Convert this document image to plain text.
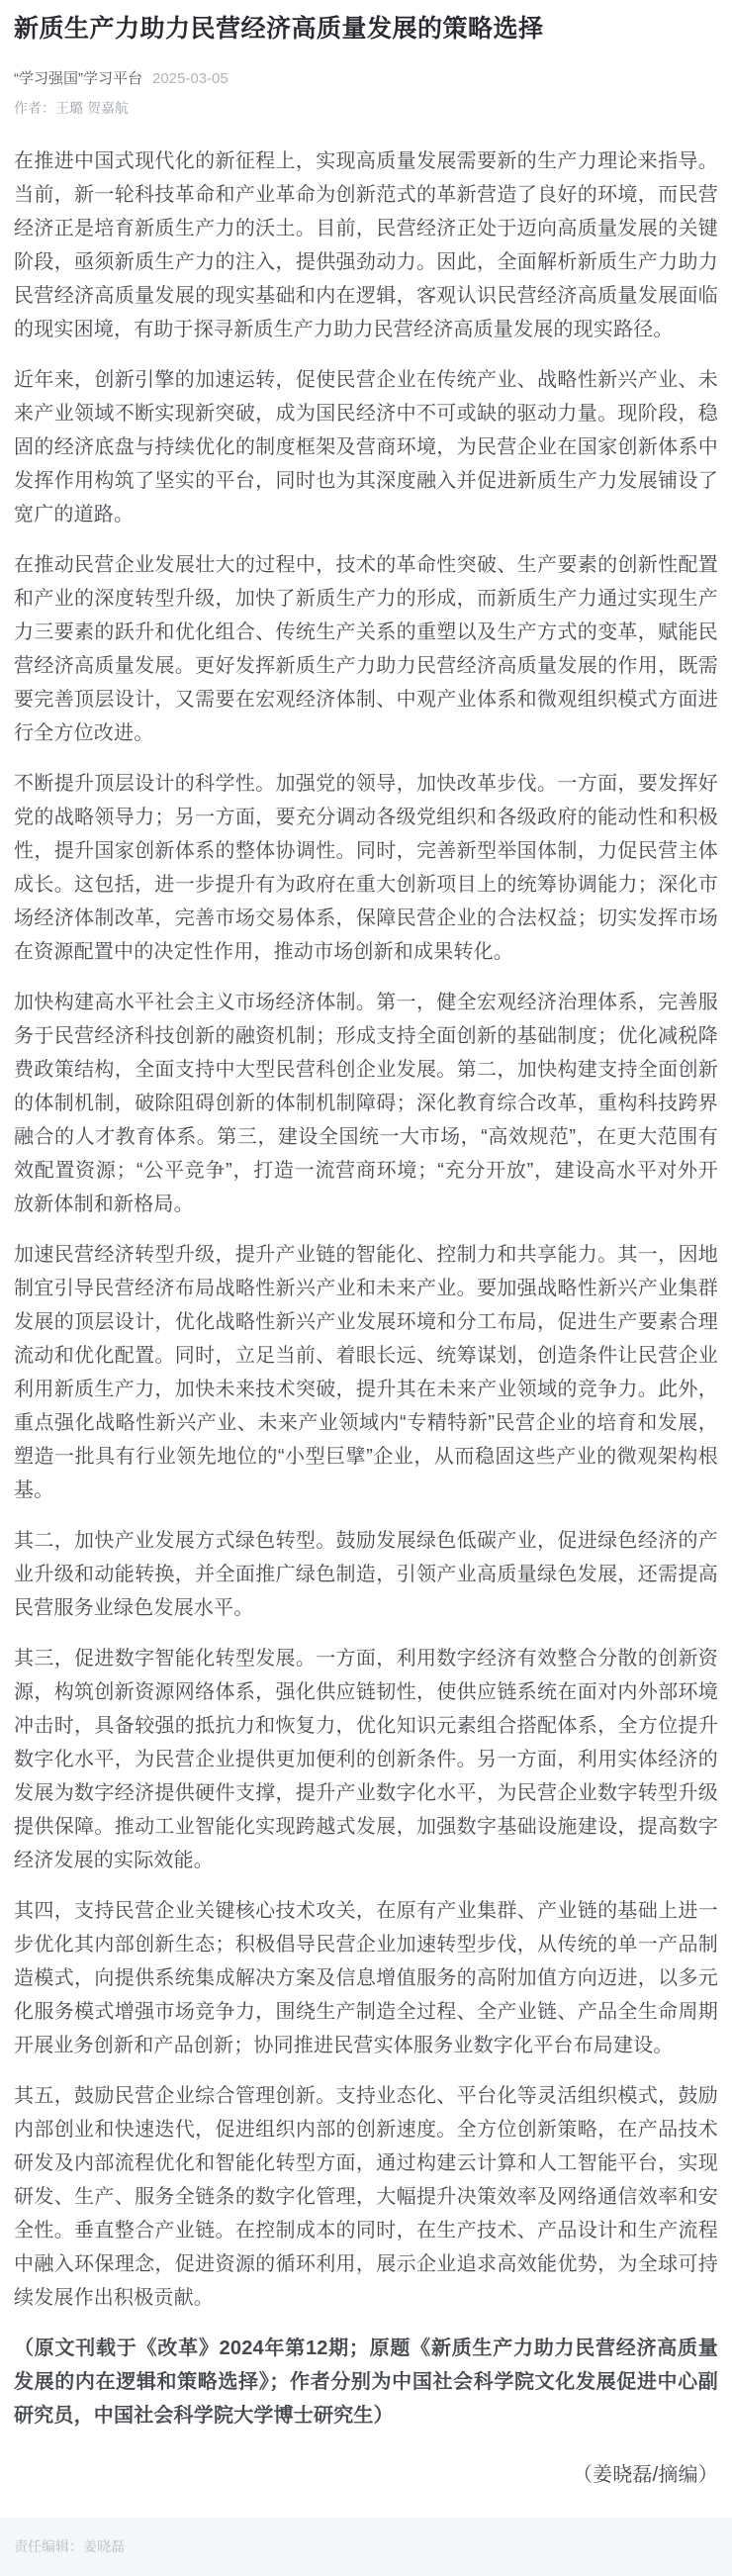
新质生产力助力民营经济高质量发展的策略选择
“学习强国”学习平台 2025-03-05
作者：王璐 贺嘉航

在推进中国式现代化的新征程上，实现高质量发展需要新的生产力理论来指导。当前，新一轮科技革命和产业革命为创新范式的革新营造了良好的环境，而民营经济正是培育新质生产力的沃土。目前，民营经济正处于迈向高质量发展的关键阶段，亟须新质生产力的注入，提供强劲动力。因此，全面解析新质生产力助力民营经济高质量发展的现实基础和内在逻辑，客观认识民营经济高质量发展面临的现实困境，有助于探寻新质生产力助力民营经济高质量发展的现实路径。

近年来，创新引擎的加速运转，促使民营企业在传统产业、战略性新兴产业、未来产业领域不断实现新突破，成为国民经济中不可或缺的驱动力量。现阶段，稳固的经济底盘与持续优化的制度框架及营商环境，为民营企业在国家创新体系中发挥作用构筑了坚实的平台，同时也为其深度融入并促进新质生产力发展铺设了宽广的道路。

在推动民营企业发展壮大的过程中，技术的革命性突破、生产要素的创新性配置和产业的深度转型升级，加快了新质生产力的形成，而新质生产力通过实现生产力三要素的跃升和优化组合、传统生产关系的重塑以及生产方式的变革，赋能民营经济高质量发展。更好发挥新质生产力助力民营经济高质量发展的作用，既需要完善顶层设计，又需要在宏观经济体制、中观产业体系和微观组织模式方面进行全方位改进。

不断提升顶层设计的科学性。加强党的领导，加快改革步伐。一方面，要发挥好党的战略领导力；另一方面，要充分调动各级党组织和各级政府的能动性和积极性，提升国家创新体系的整体协调性。同时，完善新型举国体制，力促民营主体成长。这包括，进一步提升有为政府在重大创新项目上的统筹协调能力；深化市场经济体制改革，完善市场交易体系，保障民营企业的合法权益；切实发挥市场在资源配置中的决定性作用，推动市场创新和成果转化。

加快构建高水平社会主义市场经济体制。第一，健全宏观经济治理体系，完善服务于民营经济科技创新的融资机制；形成支持全面创新的基础制度；优化减税降费政策结构，全面支持中大型民营科创企业发展。第二，加快构建支持全面创新的体制机制，破除阻碍创新的体制机制障碍；深化教育综合改革，重构科技跨界融合的人才教育体系。第三，建设全国统一大市场，“高效规范”，在更大范围有效配置资源；“公平竞争”，打造一流营商环境；“充分开放”，建设高水平对外开放新体制和新格局。

加速民营经济转型升级，提升产业链的智能化、控制力和共享能力。其一，因地制宜引导民营经济布局战略性新兴产业和未来产业。要加强战略性新兴产业集群发展的顶层设计，优化战略性新兴产业发展环境和分工布局，促进生产要素合理流动和优化配置。同时，立足当前、着眼长远、统筹谋划，创造条件让民营企业利用新质生产力，加快未来技术突破，提升其在未来产业领域的竞争力。此外，重点强化战略性新兴产业、未来产业领域内“专精特新”民营企业的培育和发展，塑造一批具有行业领先地位的“小型巨擘”企业，从而稳固这些产业的微观架构根基。

其二，加快产业发展方式绿色转型。鼓励发展绿色低碳产业，促进绿色经济的产业升级和动能转换，并全面推广绿色制造，引领产业高质量绿色发展，还需提高民营服务业绿色发展水平。

其三，促进数字智能化转型发展。一方面，利用数字经济有效整合分散的创新资源，构筑创新资源网络体系，强化供应链韧性，使供应链系统在面对内外部环境冲击时，具备较强的抵抗力和恢复力，优化知识元素组合搭配体系，全方位提升数字化水平，为民营企业提供更加便利的创新条件。另一方面，利用实体经济的发展为数字经济提供硬件支撑，提升产业数字化水平，为民营企业数字转型升级提供保障。推动工业智能化实现跨越式发展，加强数字基础设施建设，提高数字经济发展的实际效能。

其四，支持民营企业关键核心技术攻关，在原有产业集群、产业链的基础上进一步优化其内部创新生态；积极倡导民营企业加速转型步伐，从传统的单一产品制造模式，向提供系统集成解决方案及信息增值服务的高附加值方向迈进，以多元化服务模式增强市场竞争力，围绕生产制造全过程、全产业链、产品全生命周期开展业务创新和产品创新；协同推进民营实体服务业数字化平台布局建设。

其五，鼓励民营企业综合管理创新。支持业态化、平台化等灵活组织模式，鼓励内部创业和快速迭代，促进组织内部的创新速度。全方位创新策略，在产品技术研发及内部流程优化和智能化转型方面，通过构建云计算和人工智能平台，实现研发、生产、服务全链条的数字化管理，大幅提升决策效率及网络通信效率和安全性。垂直整合产业链。在控制成本的同时，在生产技术、产品设计和生产流程中融入环保理念，促进资源的循环利用，展示企业追求高效能优势，为全球可持续发展作出积极贡献。

（原文刊载于《改革》2024年第12期；原题《新质生产力助力民营经济高质量发展的内在逻辑和策略选择》；作者分别为中国社会科学院文化发展促进中心副研究员，中国社会科学院大学博士研究生）

（姜晓磊/摘编）

责任编辑：姜晓磊
